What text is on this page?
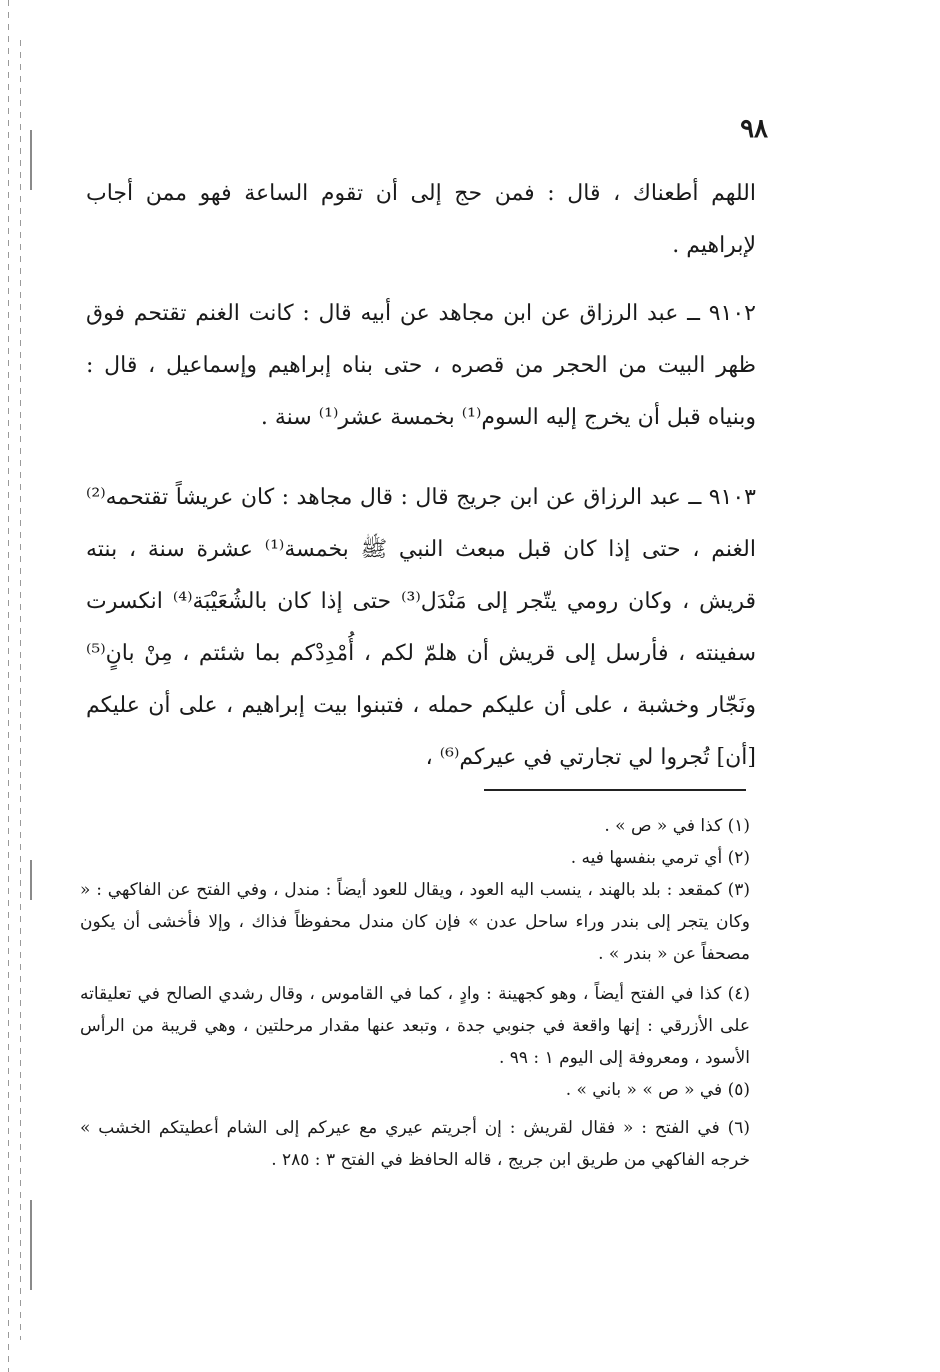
٩٨

اللهم أطعناك ، قال : فمن حج إلى أن تقوم الساعة فهو ممن أجاب لإبراهيم .

٩١٠٢ ــ عبد الرزاق عن ابن مجاهد عن أبيه قال : كانت الغنم تقتحم فوق ظهر البيت من الحجر من قصره ، حتى بناه إبراهيم وإسماعيل ، قال : وبنياه قبل أن يخرج إليه السوم⁽¹⁾ بخمسة عشر⁽¹⁾ سنة .

٩١٠٣ ــ عبد الرزاق عن ابن جريج قال : قال مجاهد : كان عريشاً تقتحمه⁽²⁾ الغنم ، حتى إذا كان قبل مبعث النبي ﷺ بخمسة⁽¹⁾ عشرة سنة ، بنته قريش ، وكان رومي يتّجر إلى مَنْدَل⁽³⁾ حتى إذا كان بالشُعَيْبَة⁽⁴⁾ انكسرت سفينته ، فأرسل إلى قريش أن هلمّ لكم ، أُمْدِدْكم بما شئتم ، مِنْ بانٍ⁽⁵⁾ ونَجّار وخشبة ، على أن عليكم حمله ، فتبنوا بيت إبراهيم ، على أن عليكم [أن] تُجروا لي تجارتي في عيركم⁽⁶⁾ ،

(١) كذا في « ص » .

(٢) أي ترمي بنفسها فيه .

(٣) كمقعد : بلد بالهند ، ينسب اليه العود ، ويقال للعود أيضاً : مندل ، وفي الفتح عن الفاكهي : « وكان يتجر إلى بندر وراء ساحل عدن » فإن كان مندل محفوظاً فذاك ، وإلا فأخشى أن يكون مصحفاً عن « بندر » .

(٤) كذا في الفتح أيضاً ، وهو كجهينة : وادٍ ، كما في القاموس ، وقال رشدي الصالح في تعليقاته على الأزرقي : إنها واقعة في جنوبي جدة ، وتبعد عنها مقدار مرحلتين ، وهي قريبة من الرأس الأسود ، ومعروفة إلى اليوم ١ : ٩٩ .

(٥) في « ص » « باني » .

(٦) في الفتح : « فقال لقريش : إن أجريتم عيري مع عيركم إلى الشام أعطيتكم الخشب » خرجه الفاكهي من طريق ابن جريج ، قاله الحافظ في الفتح ٣ : ٢٨٥ .
